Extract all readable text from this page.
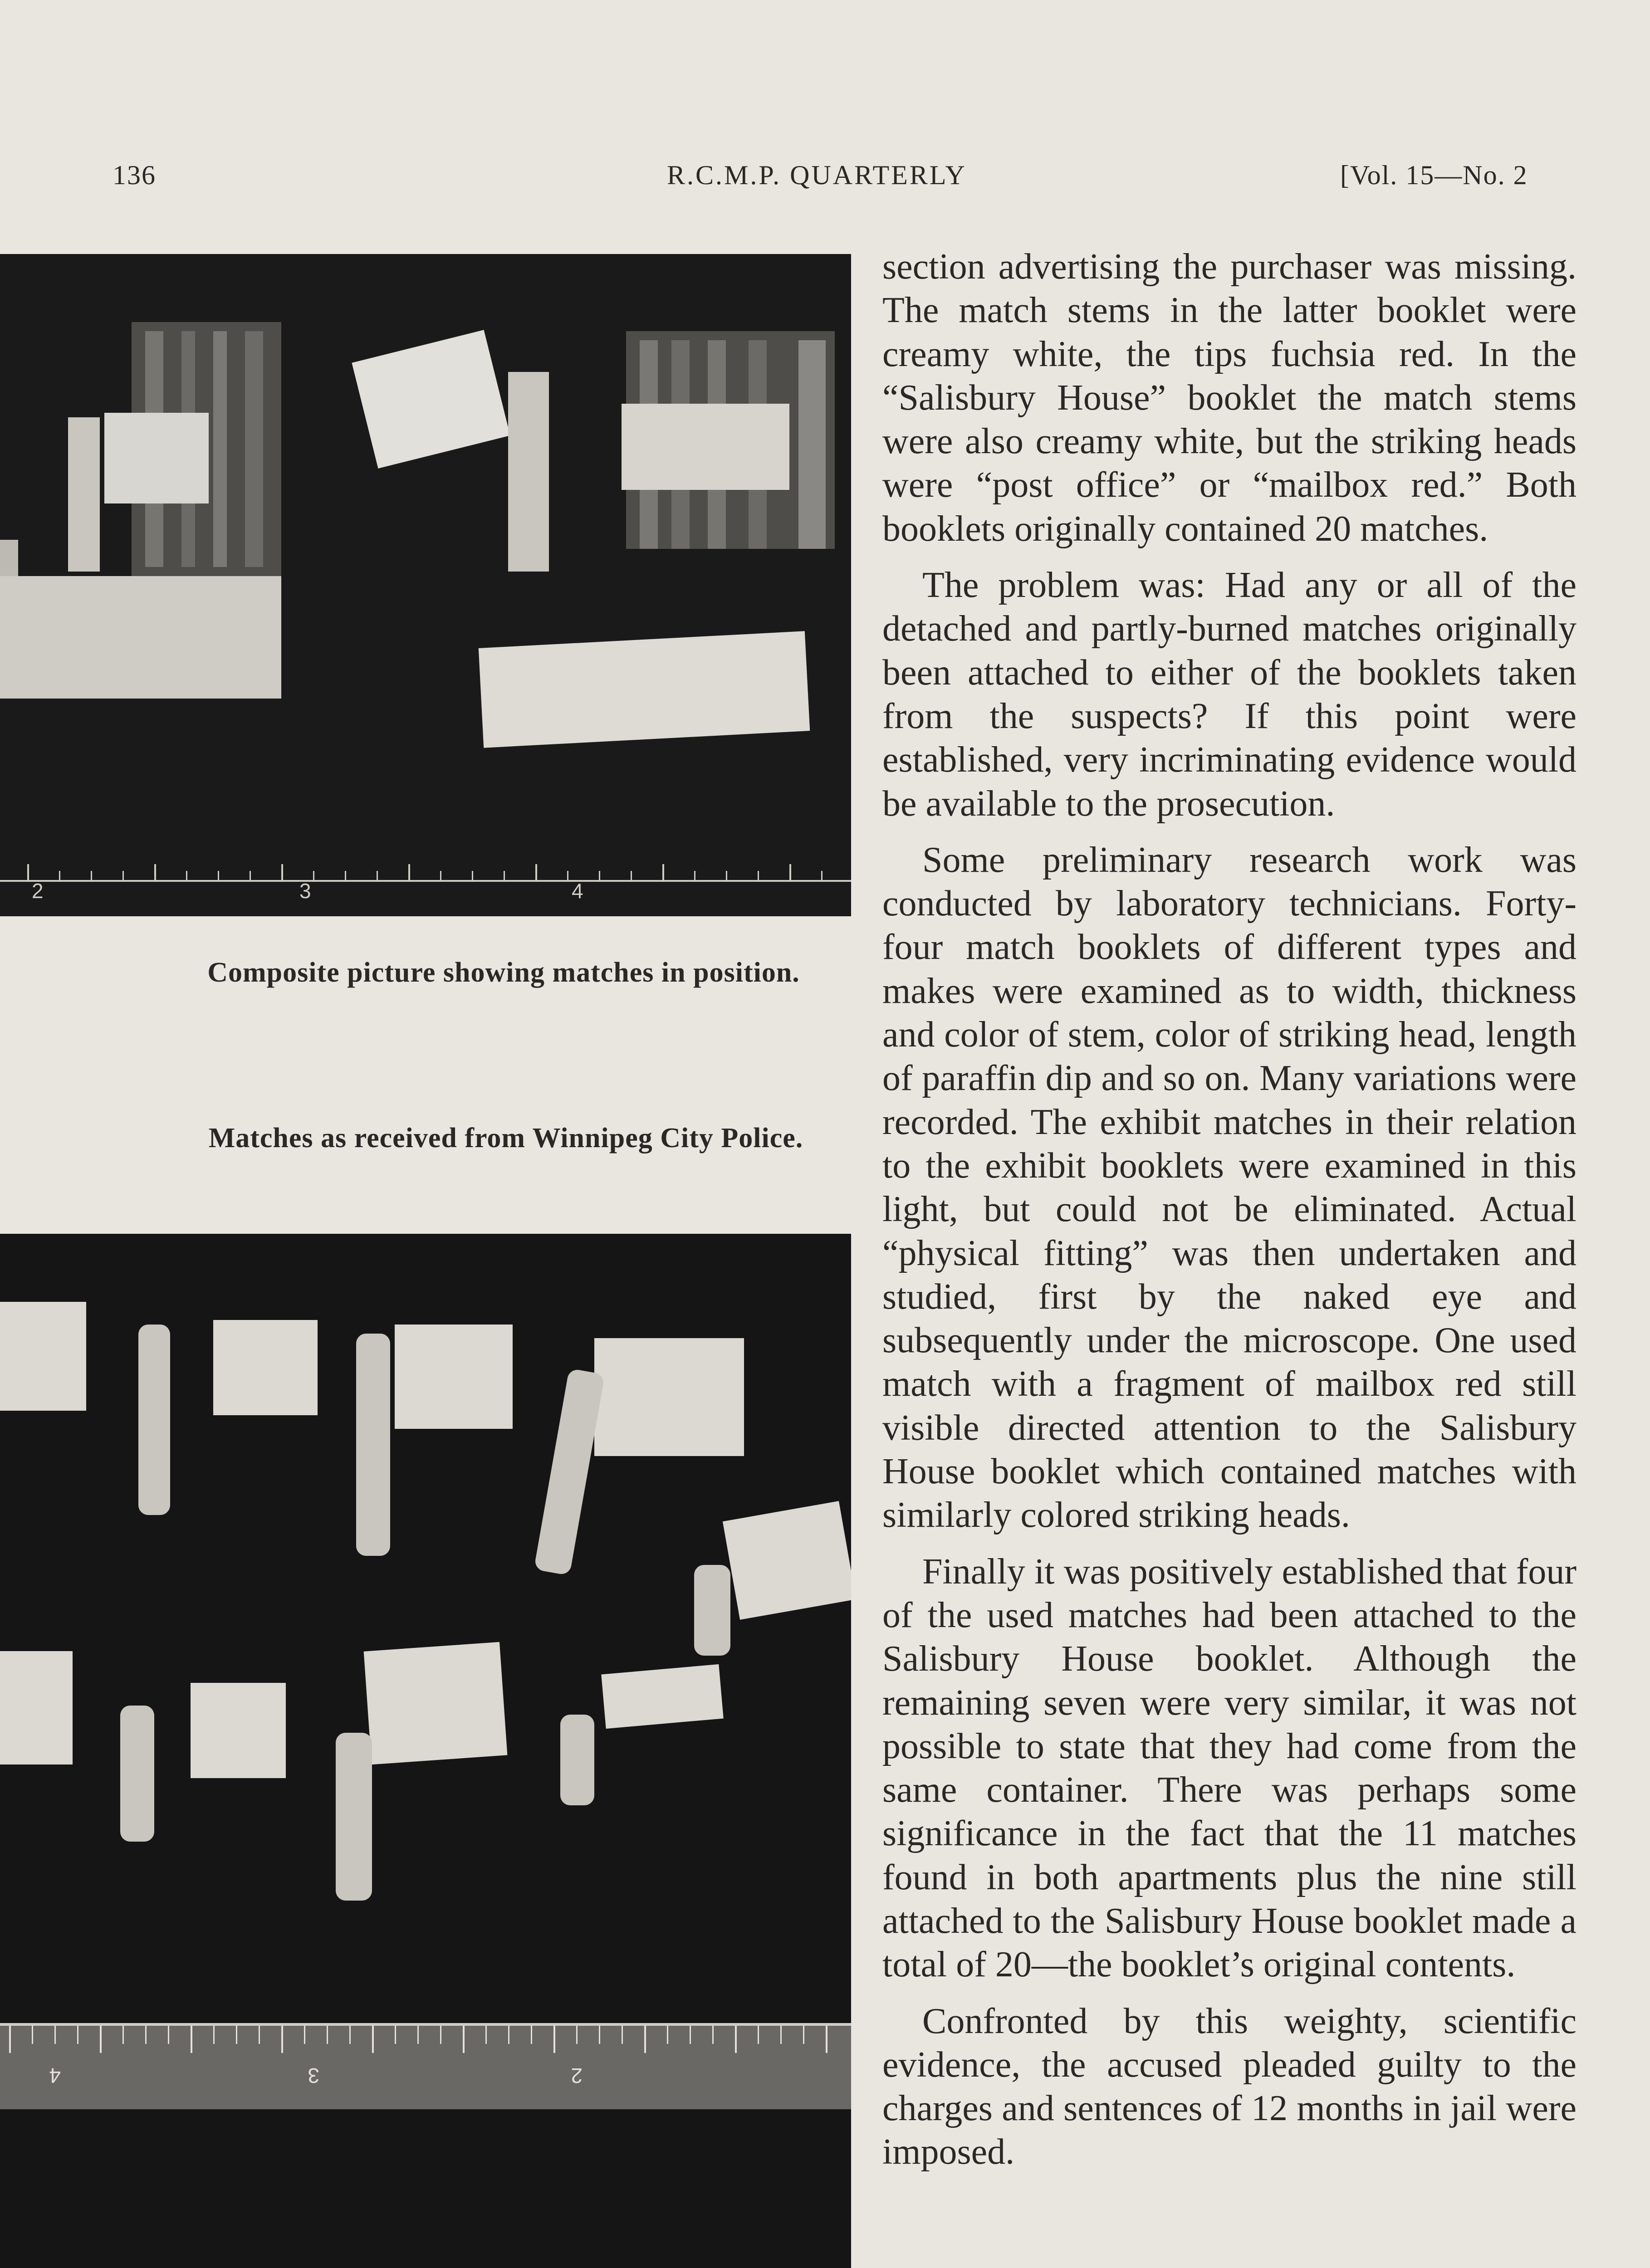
136	R.C.M.P. QUARTERLY	[Vol. 15—No. 2
2	3	4
Composite picture showing matches in position.
Matches as received from Winnipeg City Police.
4	3	2

section advertising the purchaser was missing. The match stems in the latter booklet were creamy white, the tips fuchsia red. In the “Salisbury House” booklet the match stems were also creamy white, but the striking heads were “post office” or “mailbox red.” Both booklets originally contained 20 matches.

The problem was: Had any or all of the detached and partly-burned matches originally been attached to either of the booklets taken from the suspects? If this point were established, very incriminating evidence would be available to the prosecution.

Some preliminary research work was conducted by laboratory technicians. Forty-four match booklets of different types and makes were examined as to width, thickness and color of stem, color of striking head, length of paraffin dip and so on. Many variations were recorded. The exhibit matches in their relation to the exhibit booklets were examined in this light, but could not be eliminated. Actual “physical fitting” was then undertaken and studied, first by the naked eye and subsequently under the microscope. One used match with a fragment of mailbox red still visible directed attention to the Salisbury House booklet which contained matches with similarly colored striking heads.

Finally it was positively established that four of the used matches had been attached to the Salisbury House booklet. Although the remaining seven were very similar, it was not possible to state that they had come from the same container. There was perhaps some significance in the fact that the 11 matches found in both apartments plus the nine still attached to the Salisbury House booklet made a total of 20—the booklet’s original contents.

Confronted by this weighty, scientific evidence, the accused pleaded guilty to the charges and sentences of 12 months in jail were imposed.
